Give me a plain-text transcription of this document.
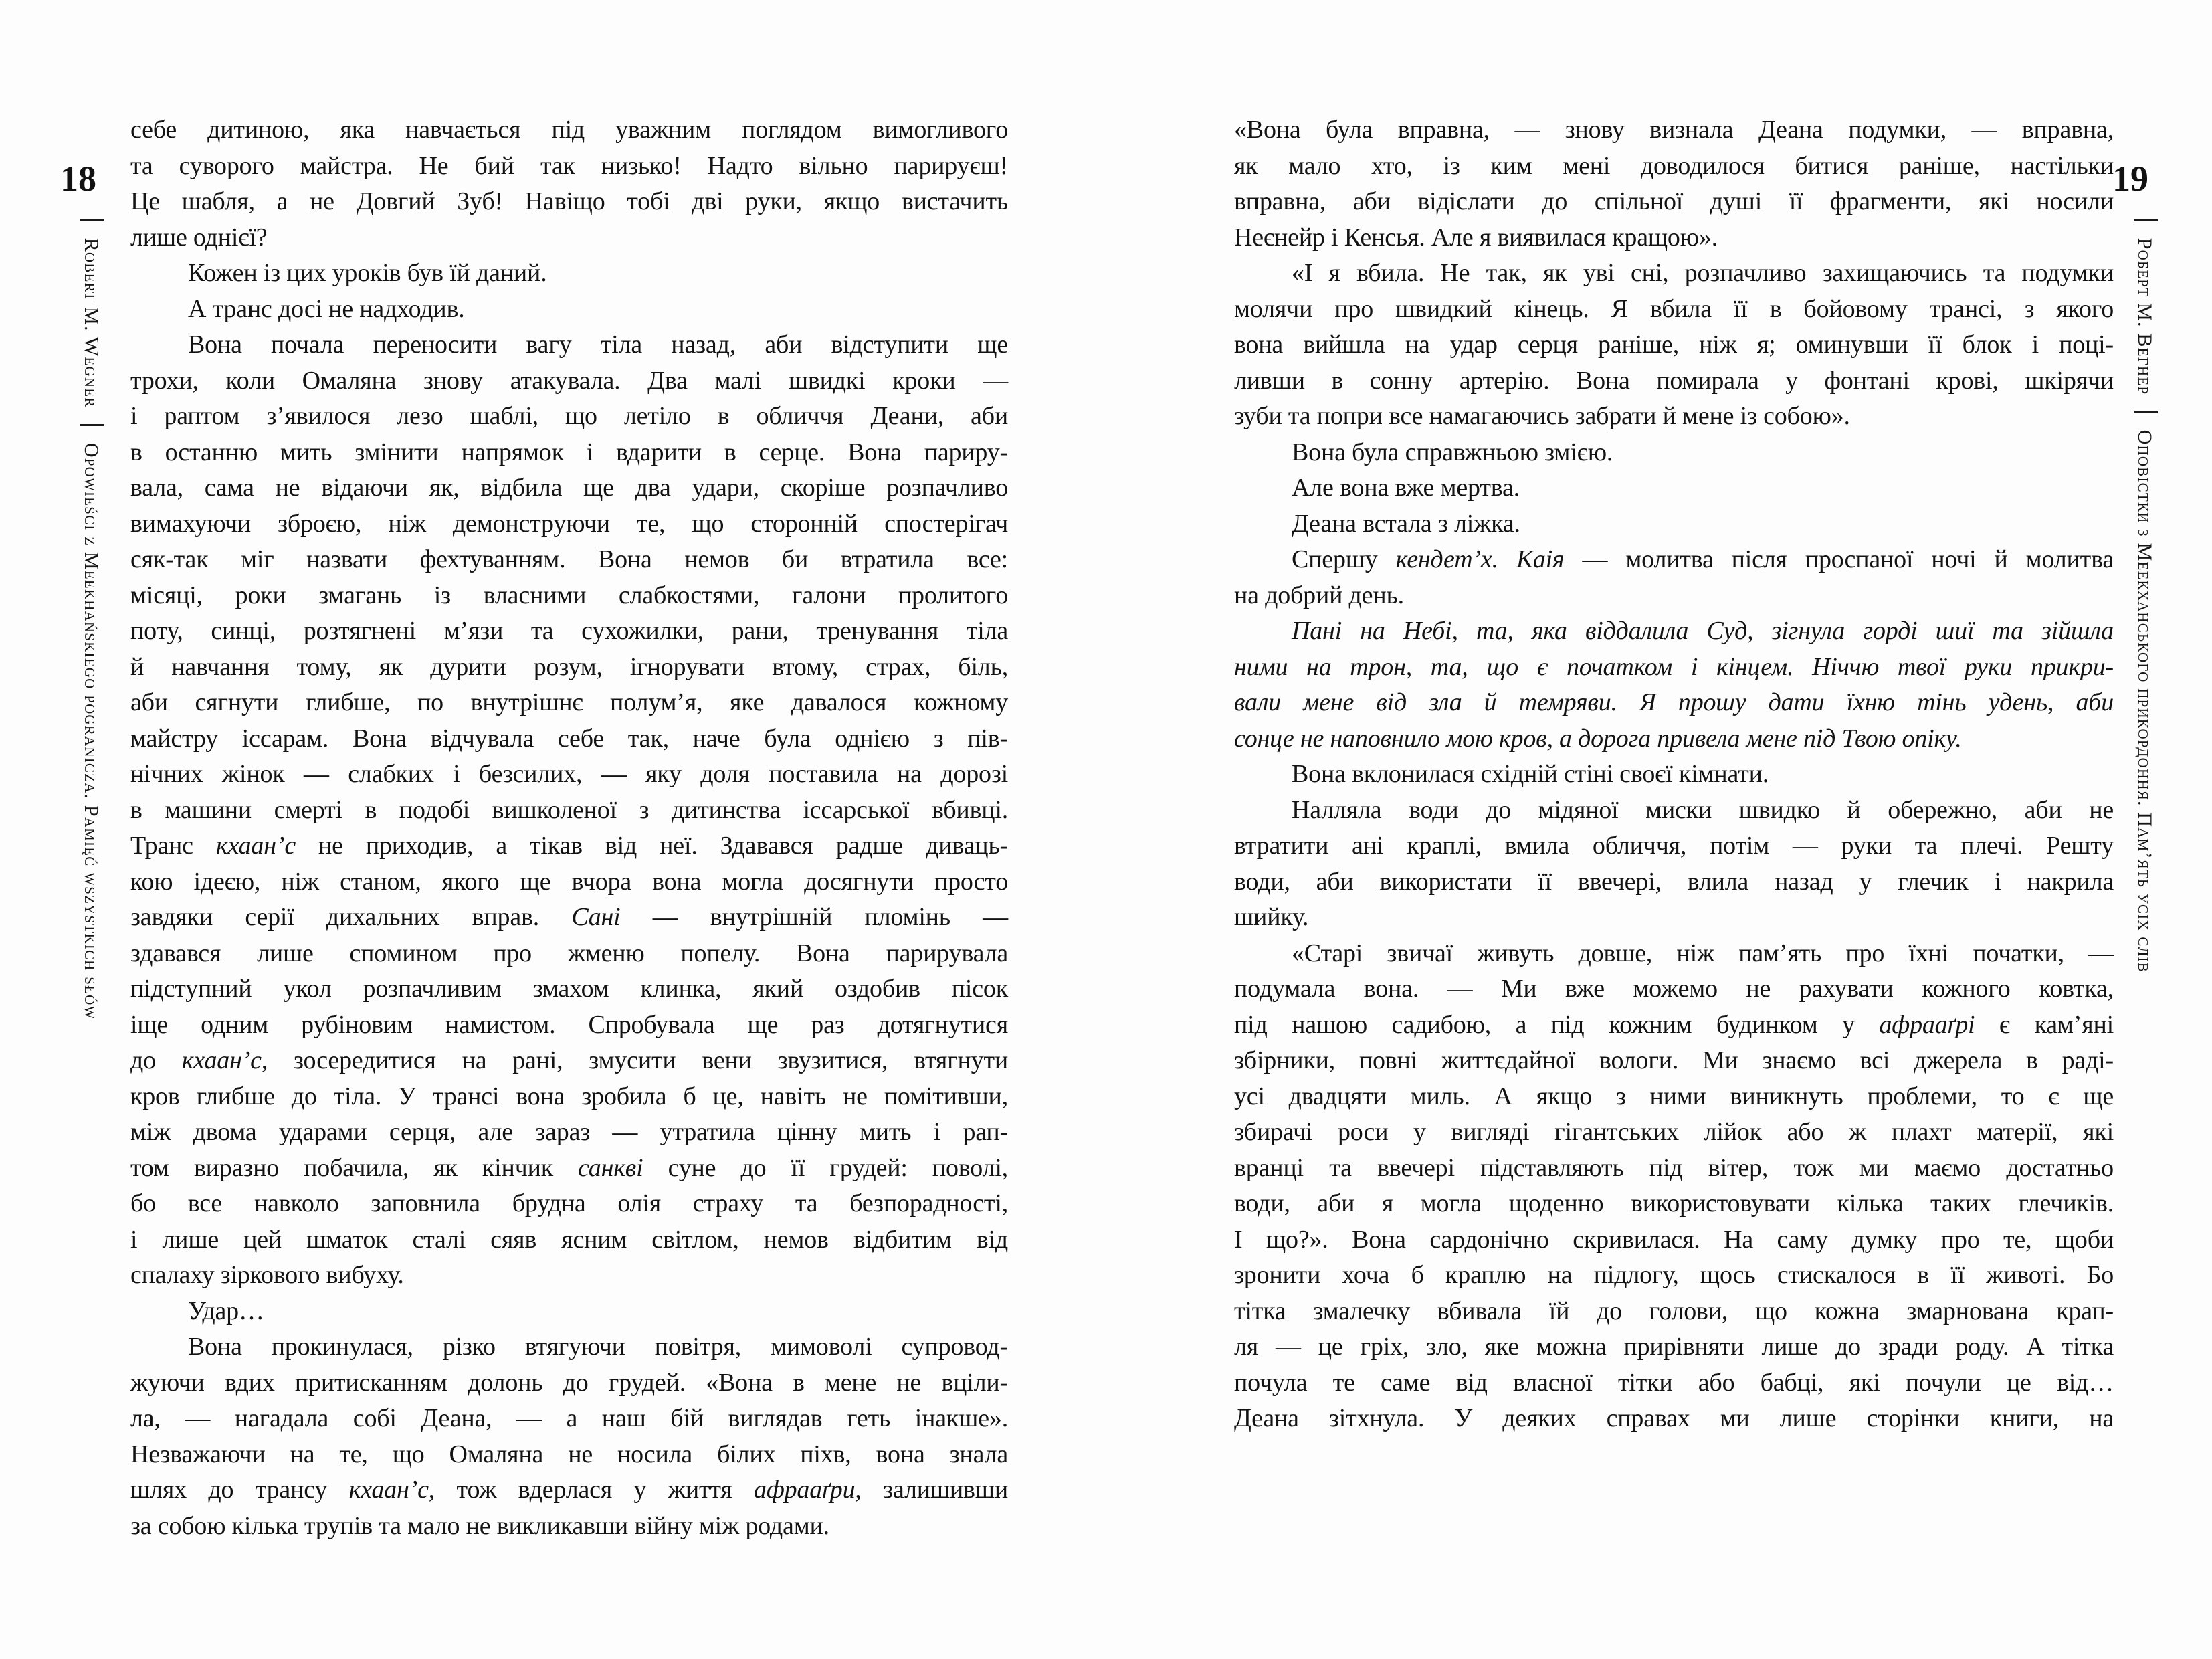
18
Robert M. Wegner  Opowieści z Meekhańskiego pogranicza. Pamięć wszystkich słów
себе дитиною, яка навчається під уважним поглядом вимогливого
та суворого майстра. Не бий так низько! Надто вільно парируєш!
Це шабля, а не Довгий Зуб! Навіщо тобі дві руки, якщо вистачить
лише однієї?
Кожен із цих уроків був їй даний.
А транс досі не надходив.
Вона почала переносити вагу тіла назад, аби відступити ще
трохи, коли Омаляна знову атакувала. Два малі швидкі кроки —
і раптом з’явилося лезо шаблі, що летіло в обличчя Деани, аби
в останню мить змінити напрямок і вдарити в серце. Вона париру-
вала, сама не відаючи як, відбила ще два удари, скоріше розпачливо
вимахуючи зброєю, ніж демонструючи те, що сторонній спостерігач
сяк-так міг назвати фехтуванням. Вона немов би втратила все:
місяці, роки змагань із власними слабкостями, галони пролитого
поту, синці, розтягнені м’язи та сухожилки, рани, тренування тіла
й навчання тому, як дурити розум, ігнорувати втому, страх, біль,
аби сягнути глибше, по внутрішнє полум’я, яке давалося кожному
майстру іссарам. Вона відчувала себе так, наче була однією з пів-
нічних жінок — слабких і безсилих, — яку доля поставила на дорозі
в машини смерті в подобі вишколеної з дитинства іссарської вбивці.
Транс кхаан’с не приходив, а тікав від неї. Здавався радше диваць-
кою ідеєю, ніж станом, якого ще вчора вона могла досягнути просто
завдяки серії дихальних вправ. Сані — внутрішній пломінь —
здавався лише спомином про жменю попелу. Вона парирувала
підступний укол розпачливим змахом клинка, який оздобив пісок
іще одним рубіновим намистом. Спробувала ще раз дотягнутися
до кхаан’с, зосередитися на рані, змусити вени звузитися, втягнути
кров глибше до тіла. У трансі вона зробила б це, навіть не помітивши,
між двома ударами серця, але зараз — утратила цінну мить і рап-
том виразно побачила, як кінчик санкві суне до її грудей: поволі,
бо все навколо заповнила брудна олія страху та безпорадності,
і лише цей шматок сталі сяяв ясним світлом, немов відбитим від
спалаху зіркового вибуху.
Удар…
Вона прокинулася, різко втягуючи повітря, мимоволі супровод-
жуючи вдих притисканням долонь до грудей. «Вона в мене не вціли-
ла, — нагадала собі Деана, — а наш бій виглядав геть інакше».
Незважаючи на те, що Омаляна не носила білих піхв, вона знала
шлях до трансу кхаан’с, тож вдерлася у життя афрааґри, залишивши
за собою кілька трупів та мало не викликавши війну між родами.
19
Роберт М. Вегнер  Оповістки з Меекханського прикордоння. Пам’ять усіх слів
«Вона була вправна, — знову визнала Деана подумки, — вправна,
як мало хто, із ким мені доводилося битися раніше, настільки
вправна, аби відіслати до спільної душі її фрагменти, які носили
Неєнейр і Кенсья. Але я виявилася кращою».
«І я вбила. Не так, як уві сні, розпачливо захищаючись та подумки
молячи про швидкий кінець. Я вбила її в бойовому трансі, з якого
вона вийшла на удар серця раніше, ніж я; оминувши її блок і поці-
ливши в сонну артерію. Вона помирала у фонтані крові, шкірячи
зуби та попри все намагаючись забрати й мене із собою».
Вона була справжньою змією.
Але вона вже мертва.
Деана встала з ліжка.
Спершу кендет’х. Каія — молитва після проспаної ночі й молитва
на добрий день.
Пані на Небі, та, яка віддалила Суд, зігнула горді шиї та зійшла
ними на трон, та, що є початком і кінцем. Ніччю твої руки прикри-
вали мене від зла й темряви. Я прошу дати їхню тінь удень, аби
сонце не наповнило мою кров, а дорога привела мене під Твою опіку.
Вона вклонилася східній стіні своєї кімнати.
Налляла води до мідяної миски швидко й обережно, аби не
втратити ані краплі, вмила обличчя, потім — руки та плечі. Решту
води, аби використати її ввечері, влила назад у глечик і накрила
шийку.
«Старі звичаї живуть довше, ніж пам’ять про їхні початки, —
подумала вона. — Ми вже можемо не рахувати кожного ковтка,
під нашою садибою, а під кожним будинком у афрааґрі є кам’яні
збірники, повні життєдайної вологи. Ми знаємо всі джерела в раді-
усі двадцяти миль. А якщо з ними виникнуть проблеми, то є ще
збирачі роси у вигляді гігантських лійок або ж плахт матерії, які
вранці та ввечері підставляють під вітер, тож ми маємо достатньо
води, аби я могла щоденно використовувати кілька таких глечиків.
І що?». Вона сардонічно скривилася. На саму думку про те, щоби
зронити хоча б краплю на підлогу, щось стискалося в її животі. Бо
тітка змалечку вбивала їй до голови, що кожна змарнована крап-
ля — це гріх, зло, яке можна прирівняти лише до зради роду. А тітка
почула те саме від власної тітки або бабці, які почули це від…
Деана зітхнула. У деяких справах ми лише сторінки книги, на
